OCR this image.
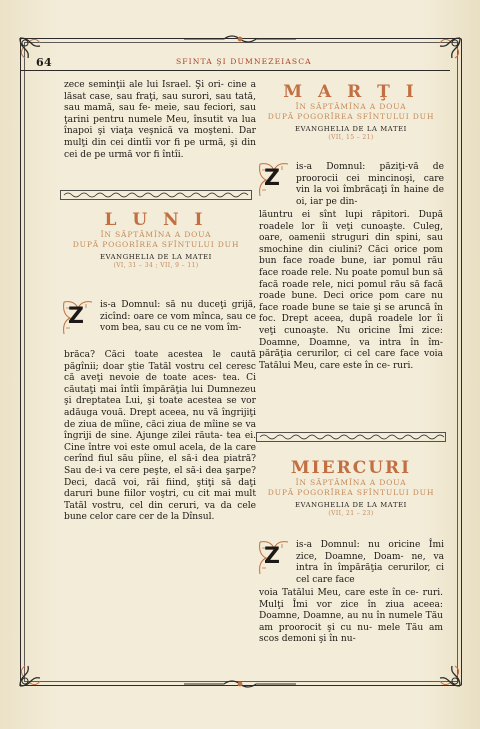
64	SFINTA ŞI DUMNEZEIASCA

zece seminţii ale lui Israel. Şi ori- cine a lăsat case, sau fraţi, sau surori, sau tată, sau mamă, sau fe- meie, sau feciori, sau ţarini pentru numele Meu, însutit va lua înapoi şi viaţa veşnică va moşteni. Dar mulţi din cei dintîi vor fi pe urmă, şi din cei de pe urmă vor fi întîi.

L U N I
ÎN SĂPTĂMÎNA A DOUA
DUPĂ POGORÎREA SFÎNTULUI DUH
EVANGHELIA DE LA MATEI
(VI, 31 – 34 ; VII, 9 – 11)
Z is-a Domnul: să nu duceţi grijă, zicînd: oare ce vom mînca, sau ce vom bea, sau cu ce ne vom îm-

brăca? Căci toate acestea le caută păgînii; doar ştie Tatăl vostru cel ceresc că aveţi nevoie de toate aces- tea. Ci căutaţi mai întîi împărăţia lui Dumnezeu şi dreptatea Lui, şi toate acestea se vor adăuga vouă. Drept aceea, nu vă îngrijiţi de ziua de mîine, căci ziua de mîine se va îngriji de sine. Ajunge zilei răuta- tea ei. Cine între voi este omul acela, de la care cerînd fiul său pîine, el să-i dea piatră? Sau de-i va cere peşte, el să-i dea şarpe? Deci, dacă voi, răi fiind, ştiţi să daţi daruri bune fiilor voştri, cu cit mai mult Tatăl vostru, cel din ceruri, va da cele bune celor care cer de la Dînsul.

M A R Ţ I
ÎN SĂPTĂMÎNA A DOUA
DUPĂ POGORÎREA SFÎNTULUI DUH
EVANGHELIA DE LA MATEI
(VII, 15 – 21)
Z is-a Domnul: păziţi-vă de proorocii cei mincinoşi, care vin la voi îmbrăcaţi în haine de oi, iar pe din-

lăuntru ei sînt lupi răpitori. După roadele lor îi veţi cunoaşte. Culeg, oare, oamenii struguri din spini, sau smochine din ciulini? Căci orice pom bun face roade bune, iar pomul rău face roade rele. Nu poate pomul bun să facă roade rele, nici pomul rău să facă roade bune. Deci orice pom care nu face roade bune se taie şi se aruncă în foc. Drept aceea, după roadele lor îi veţi cunoaşte. Nu oricine Îmi zice: Doamne, Doamne, va intra în îm- părăţia cerurilor, ci cel care face voia Tatălui Meu, care este în ce- ruri.

MIERCURI
ÎN SĂPTĂMÎNA A DOUA
DUPĂ POGORÎREA SFÎNTULUI DUH
EVANGHELIA DE LA MATEI
(VII, 21 – 23)
Z is-a Domnul: nu oricine Îmi zice, Doamne, Doam- ne, va intra în împărăţia cerurilor, ci cel care face

voia Tatălui Meu, care este în ce- ruri. Mulţi Îmi vor zice în ziua aceea: Doamne, Doamne, au nu în numele Tău am proorocit şi cu nu- mele Tău am scos demoni şi în nu-
